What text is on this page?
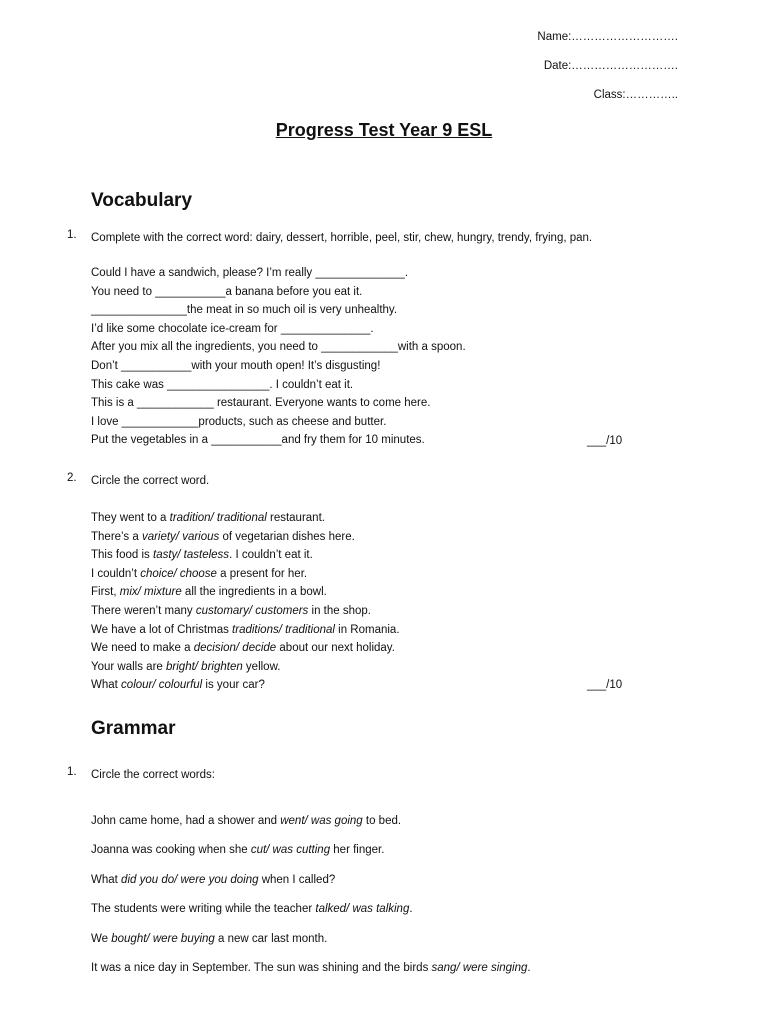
Name:……………………….
Date:……………………….
Class:…………..
Progress Test Year 9 ESL
Vocabulary
1. Complete with the correct word: dairy, dessert, horrible, peel, stir, chew, hungry, trendy, frying, pan.
Could I have a sandwich, please? I’m really ______________.
You need to ___________a banana before you eat it.
_______________the meat in so much oil is very unhealthy.
I’d like some chocolate ice-cream for ______________.
After you mix all the ingredients, you need to ____________with a spoon.
Don’t ___________with your mouth open! It’s disgusting!
This cake was ________________. I couldn’t eat it.
This is a ____________ restaurant. Everyone wants to come here.
I love ____________products, such as cheese and butter.
Put the vegetables in a ___________and fry them for 10 minutes.	___/10
2. Circle the correct word.
They went to a tradition/ traditional restaurant.
There’s a variety/ various of vegetarian dishes here.
This food is tasty/ tasteless. I couldn’t eat it.
I couldn’t choice/ choose a present for her.
First, mix/ mixture all the ingredients in a bowl.
There weren’t many customary/ customers in the shop.
We have a lot of Christmas traditions/ traditional in Romania.
We need to make a decision/ decide about our next holiday.
Your walls are bright/ brighten yellow.
What colour/ colourful is your car?	___/10
Grammar
1. Circle the correct words:
John came home, had a shower and went/ was going to bed.
Joanna was cooking when she cut/ was cutting her finger.
What did you do/ were you doing when I called?
The students were writing while the teacher talked/ was talking.
We bought/ were buying a new car last month.
It was a nice day in September. The sun was shining and the birds sang/ were singing.
